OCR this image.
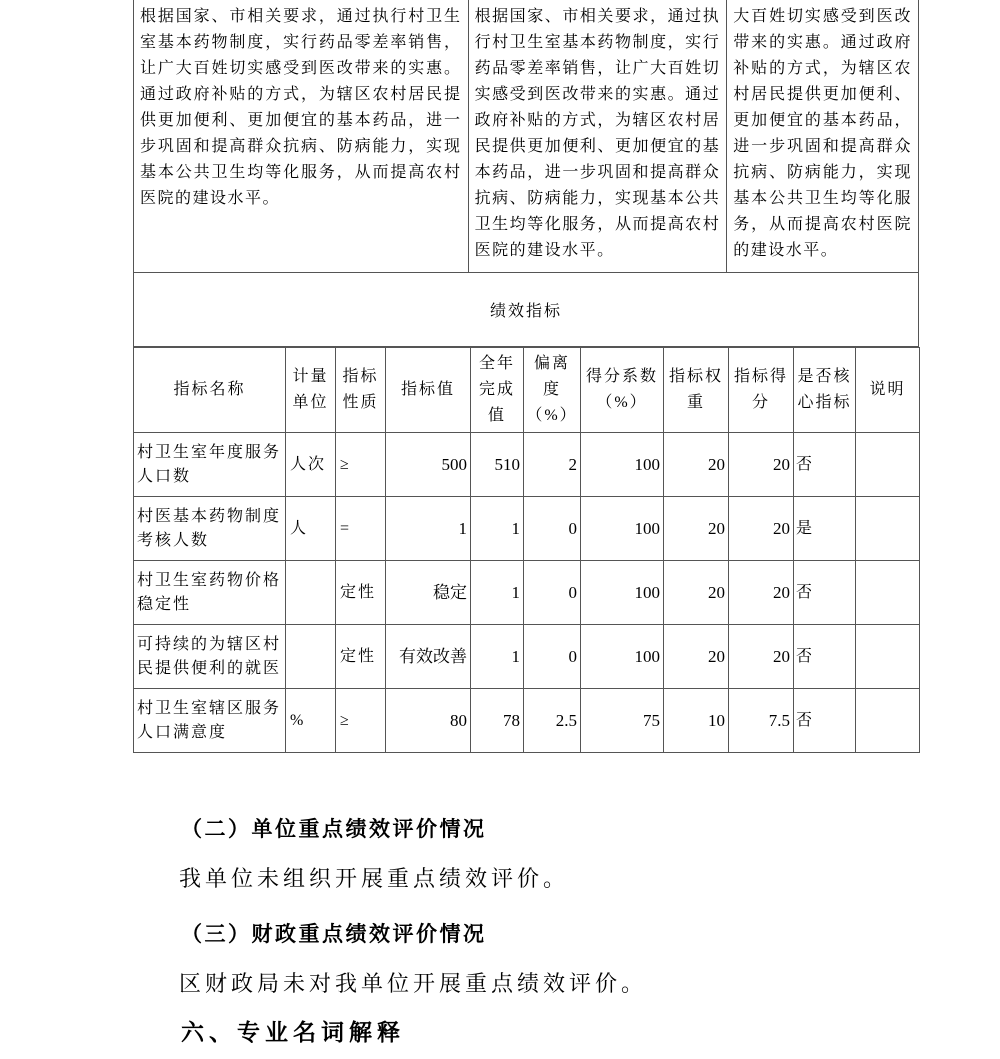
根据国家、市相关要求，通过执行村卫生室基本药物制度，实行药品零差率销售，让广大百姓切实感受到医改带来的实惠。通过政府补贴的方式，为辖区农村居民提供更加便利、更加便宜的基本药品，进一步巩固和提高群众抗病、防病能力，实现基本公共卫生均等化服务，从而提高农村医院的建设水平。
根据国家、市相关要求，通过执行村卫生室基本药物制度，实行药品零差率销售，让广大百姓切实感受到医改带来的实惠。通过政府补贴的方式，为辖区农村居民提供更加便利、更加便宜的基本药品，进一步巩固和提高群众抗病、防病能力，实现基本公共卫生均等化服务，从而提高农村医院的建设水平。
大百姓切实感受到医改带来的实惠。通过政府补贴的方式，为辖区农村居民提供更加便利、更加便宜的基本药品，进一步巩固和提高群众抗病、防病能力，实现基本公共卫生均等化服务，从而提高农村医院的建设水平。
绩效指标
指标名称	计量单位	指标性质	指标值	全年完成值	偏离度（%）	得分系数（%）	指标权重	指标得分	是否核心指标	说明
村卫生室年度服务人口数	人次	≥	500	510	2	100	20	20	否	
村医基本药物制度考核人数	人	=	1	1	0	100	20	20	是	
村卫生室药物价格稳定性		定性	稳定	1	0	100	20	20	否	
可持续的为辖区村民提供便利的就医		定性	有效改善	1	0	100	20	20	否	
村卫生室辖区服务人口满意度	%	≥	80	78	2.5	75	10	7.5	否	
（二）单位重点绩效评价情况
我单位未组织开展重点绩效评价。
（三）财政重点绩效评价情况
区财政局未对我单位开展重点绩效评价。
六、专业名词解释
